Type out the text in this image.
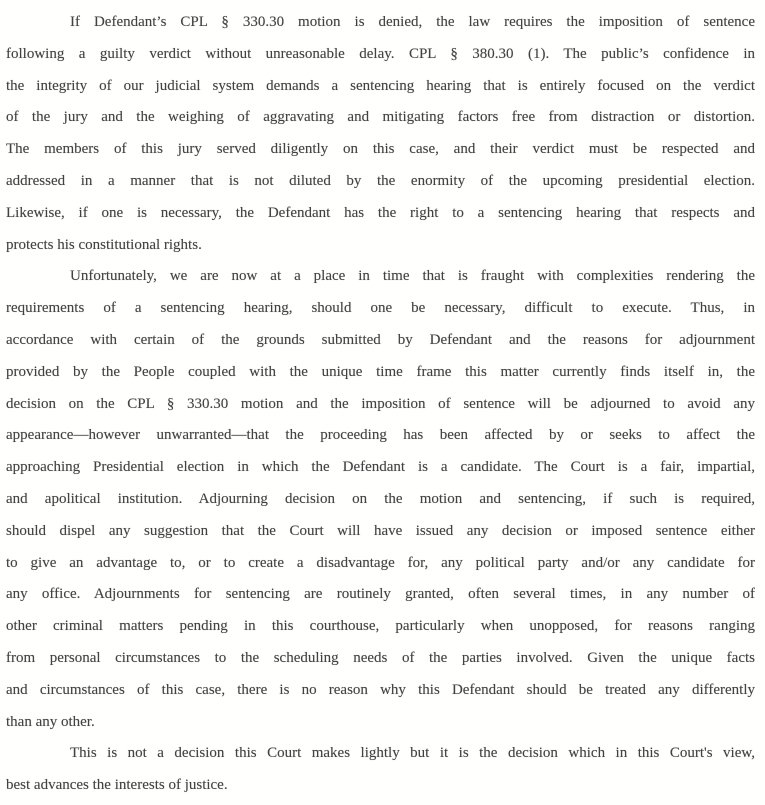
If Defendant’s CPL § 330.30 motion is denied, the law requires the imposition of sentence
following a guilty verdict without unreasonable delay. CPL § 380.30 (1). The public’s confidence in
the integrity of our judicial system demands a sentencing hearing that is entirely focused on the verdict
of the jury and the weighing of aggravating and mitigating factors free from distraction or distortion.
The members of this jury served diligently on this case, and their verdict must be respected and
addressed in a manner that is not diluted by the enormity of the upcoming presidential election.
Likewise, if one is necessary, the Defendant has the right to a sentencing hearing that respects and
protects his constitutional rights.
Unfortunately, we are now at a place in time that is fraught with complexities rendering the
requirements of a sentencing hearing, should one be necessary, difficult to execute. Thus, in
accordance with certain of the grounds submitted by Defendant and the reasons for adjournment
provided by the People coupled with the unique time frame this matter currently finds itself in, the
decision on the CPL § 330.30 motion and the imposition of sentence will be adjourned to avoid any
appearance—however unwarranted—that the proceeding has been affected by or seeks to affect the
approaching Presidential election in which the Defendant is a candidate. The Court is a fair, impartial,
and apolitical institution. Adjourning decision on the motion and sentencing, if such is required,
should dispel any suggestion that the Court will have issued any decision or imposed sentence either
to give an advantage to, or to create a disadvantage for, any political party and/or any candidate for
any office. Adjournments for sentencing are routinely granted, often several times, in any number of
other criminal matters pending in this courthouse, particularly when unopposed, for reasons ranging
from personal circumstances to the scheduling needs of the parties involved. Given the unique facts
and circumstances of this case, there is no reason why this Defendant should be treated any differently
than any other.
This is not a decision this Court makes lightly but it is the decision which in this Court's view,
best advances the interests of justice.
